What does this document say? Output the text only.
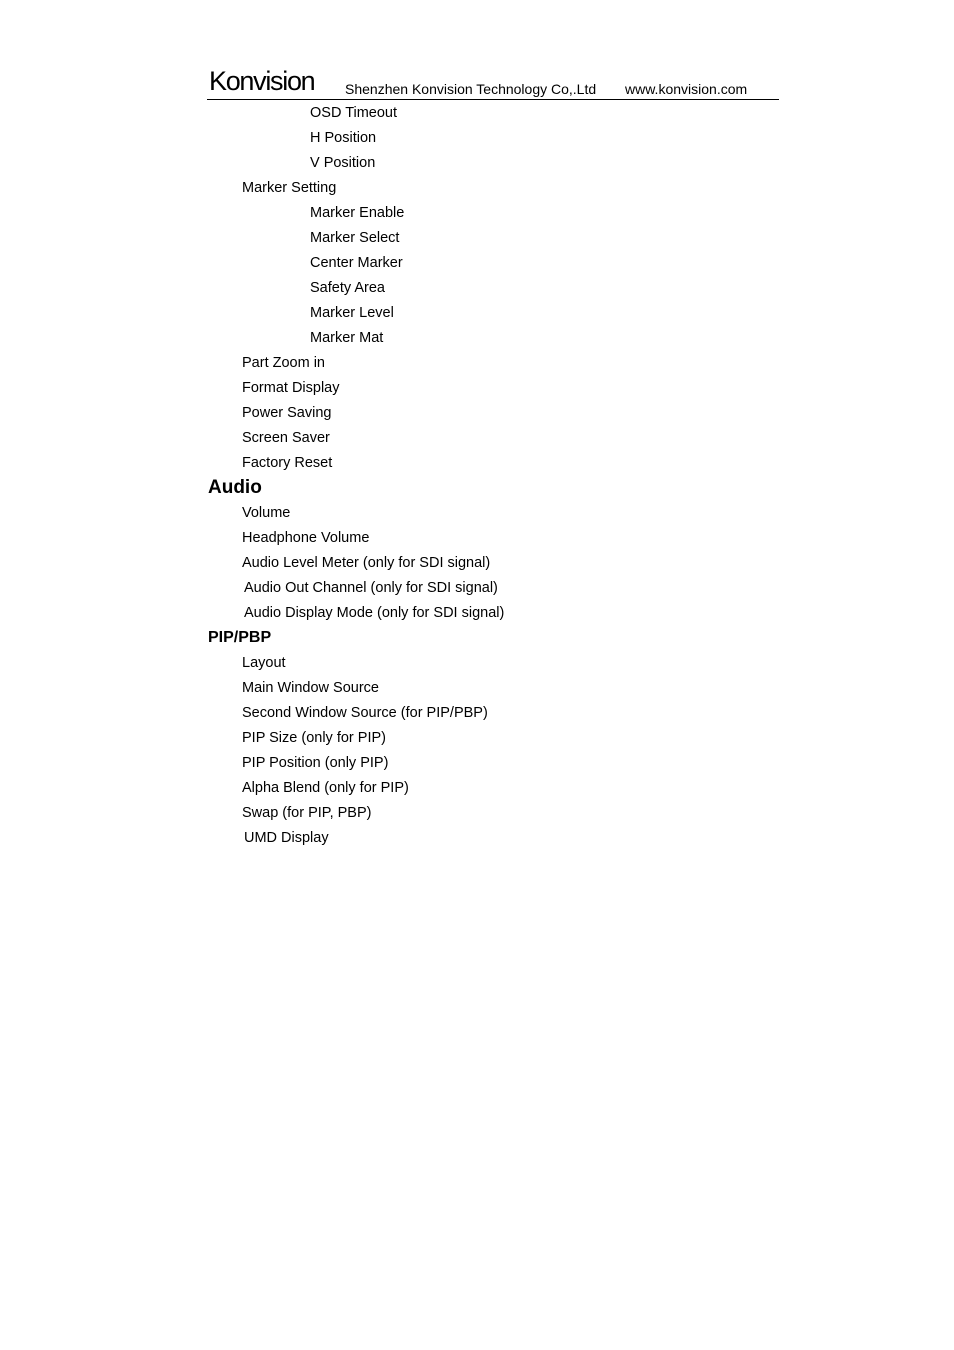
Konvision Shenzhen Konvision Technology Co,.Ltd www.konvision.com
OSD Timeout
H Position
V Position
Marker Setting
Marker Enable
Marker Select
Center Marker
Safety Area
Marker Level
Marker Mat
Part Zoom in
Format Display
Power Saving
Screen Saver
Factory Reset
Audio
Volume
Headphone Volume
Audio Level Meter (only for SDI signal)
Audio Out Channel (only for SDI signal)
Audio Display Mode (only for SDI signal)
PIP/PBP
Layout
Main Window Source
Second Window Source (for PIP/PBP)
PIP Size (only for PIP)
PIP Position (only PIP)
Alpha Blend (only for PIP)
Swap (for PIP, PBP)
UMD Display
